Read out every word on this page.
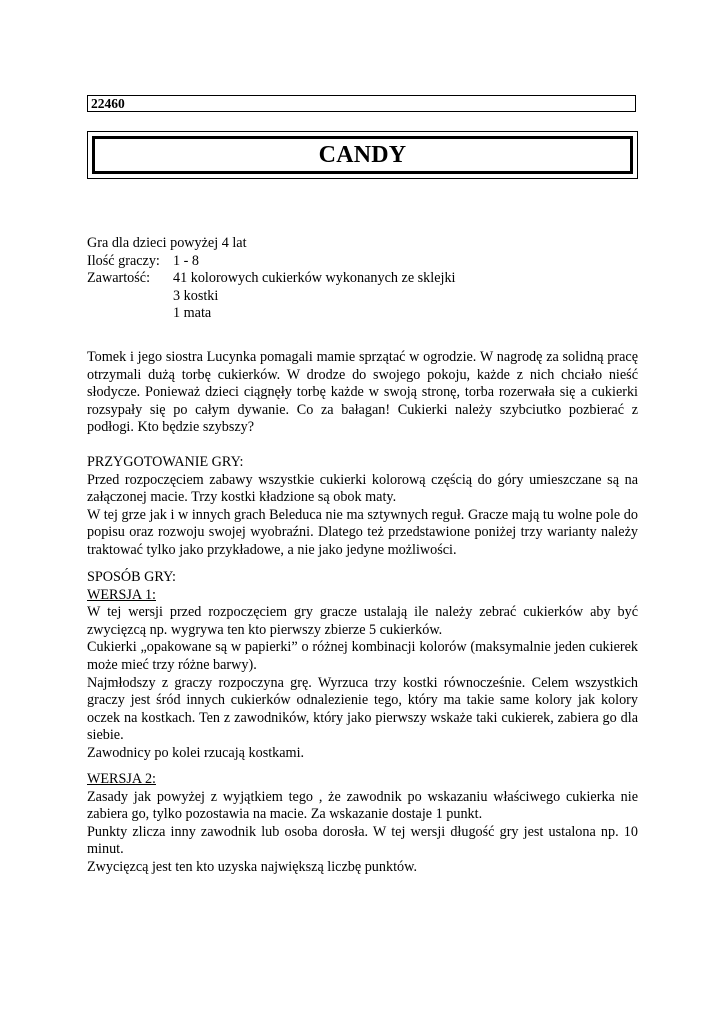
22460
CANDY
Gra dla dzieci powyżej 4 lat
Ilość graczy: 1 - 8
Zawartość:	41 kolorowych cukierków wykonanych ze sklejki
3 kostki
1 mata

Tomek i jego siostra Lucynka pomagali mamie sprzątać w ogrodzie. W nagrodę za solidną pracę otrzymali dużą torbę cukierków. W drodze do swojego pokoju, każde z nich chciało nieść słodycze. Ponieważ dzieci ciągnęły torbę każde w swoją stronę, torba rozerwała się a cukierki rozsypały się po całym dywanie. Co za bałagan! Cukierki należy szybciutko pozbierać z podłogi. Kto będzie szybszy?

PRZYGOTOWANIE GRY:

Przed rozpoczęciem zabawy wszystkie cukierki kolorową częścią do góry umieszczane są na załączonej macie. Trzy kostki kładzione są obok maty.

W tej grze jak i w innych grach Beleduca nie ma sztywnych reguł. Gracze mają tu wolne pole do popisu oraz rozwoju swojej wyobraźni. Dlatego też przedstawione poniżej trzy warianty należy traktować tylko jako przykładowe, a nie jako jedyne możliwości.

SPOSÓB GRY:

WERSJA 1:

W tej wersji przed rozpoczęciem gry gracze ustalają ile należy zebrać cukierków aby być zwycięzcą np. wygrywa ten kto pierwszy zbierze 5 cukierków.

Cukierki „opakowane są w papierki” o różnej kombinacji kolorów (maksymalnie jeden cukierek może mieć trzy różne barwy).

Najmłodszy z graczy rozpoczyna grę. Wyrzuca trzy kostki równocześnie. Celem wszystkich graczy jest śród innych cukierków odnalezienie tego, który ma takie same kolory jak kolory oczek na kostkach. Ten z zawodników, który jako pierwszy wskaże taki cukierek, zabiera go dla siebie.

Zawodnicy po kolei rzucają kostkami.

WERSJA 2:

Zasady jak powyżej z wyjątkiem tego , że zawodnik po wskazaniu właściwego cukierka nie zabiera go, tylko pozostawia na macie. Za wskazanie dostaje 1 punkt.

Punkty zlicza inny zawodnik lub osoba dorosła. W tej wersji długość gry jest ustalona np. 10 minut.

Zwycięzcą jest ten kto uzyska największą liczbę punktów.
